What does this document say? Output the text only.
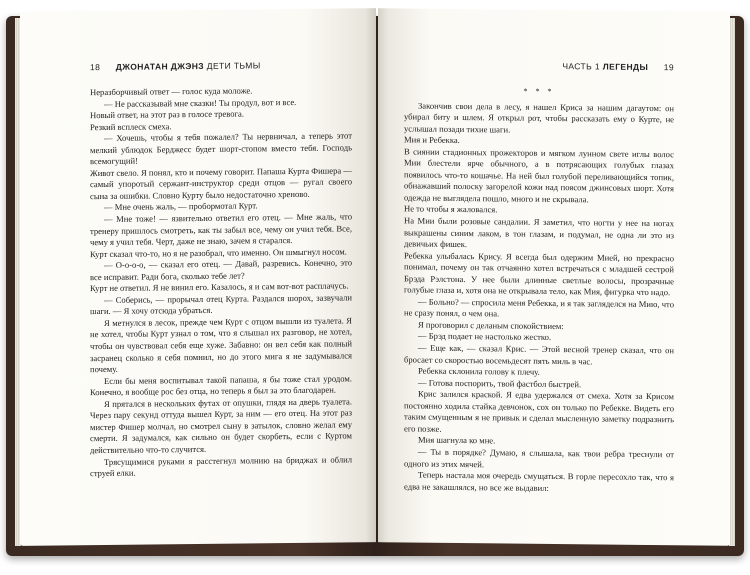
18 ДЖОНАТАН ДЖЭНЗ ДЕТИ ТЬМЫ

Неразборчивый ответ — голос куда моложе.

— Не рассказывай мне сказки! Ты продул, вот и все.

Новый ответ, на этот раз в голосе тревога.

Резкий всплеск смеха.

— Хочешь, чтобы я тебя пожалел? Ты нервничал, а теперь этот мелкий ублюдок Берджесс будет шорт-стопом вместо тебя. Господь всемогущий!

Живот свело. Я понял, кто и почему говорит. Папаша Курта Фишера — самый упоротый сержант-инструктор среди отцов — ругал своего сына за ошибки. Словно Курту было недостаточно хреново.

— Мне очень жаль, — пробормотал Курт.

— Мне тоже! — язвительно ответил его отец. — Мне жаль, что тренеру пришлось смотреть, как ты забыл все, чему он учил тебя. Все, чему я учил тебя. Черт, даже не знаю, зачем я старался.

Курт сказал что-то, но я не разобрал, что именно. Он шмыгнул носом.

— О-о-о-о, — сказал его отец. — Давай, разревись. Конечно, это все исправит. Ради бога, сколько тебе лет?

Курт не ответил. Я не винил его. Казалось, я и сам вот-вот расплачусь.

— Соберись, — прорычал отец Курта. Раздался шорох, зазвучали шаги. — Я хочу отсюда убраться.

Я метнулся в лесок, прежде чем Курт с отцом вышли из туалета. Я не хотел, чтобы Курт узнал о том, что я слышал их разговор, не хотел, чтобы он чувствовал себя еще хуже. Забавно: он вел себя как полный засранец сколько я себя помнил, но до этого мига я не задумывался почему.

Если бы меня воспитывал такой папаша, я бы тоже стал уродом. Конечно, я вообще рос без отца, но теперь я был за это благодарен.

Я прятался в нескольких футах от опушки, глядя на дверь туалета. Через пару секунд оттуда вышел Курт, за ним — его отец. На этот раз мистер Фишер молчал, но смотрел сыну в затылок, словно желал ему смерти. Я задумался, как сильно он будет скорбеть, если с Куртом действительно что-то случится.

Трясущимися руками я расстегнул молнию на бриджах и облил струей елки.

ЧАСТЬ 1 ЛЕГЕНДЫ 19
* * *

Закончив свои дела в лесу, я нашел Криса за нашим дагаутом: он убирал биту и шлем. Я открыл рот, чтобы рассказать ему о Курте, не услышал позади тихие шаги.

Мия и Ребекка.

В сиянии стадионных прожекторов и мягком лунном свете иглы волос Мии блестели ярче обычного, а в потрясающих голубых глазах появилось что-то кошачье. На ней был голубой переливающийся топик, обнажавший полоску загорелой кожи над поясом джинсовых шорт. Хотя одежда не выглядела пошло, много и не скрывала.

Не то чтобы я жаловался.

На Мии были розовые сандалии. Я заметил, что ногти у нее на ногах выкрашены синим лаком, в тон глазам, и подумал, не одна ли это из девичьих фишек.

Ребекка улыбалась Крису. Я всегда был одержим Мией, но прекрасно понимал, почему он так отчаянно хотел встречаться с младшей сестрой Брэда Рэлстона. У нее были длинные светлые волосы, прозрачные голубые глаза и, хотя она не открывала тело, как Мия, фигурка что надо.

— Больно? — спросила меня Ребекка, и я так загляделся на Мию, что не сразу понял, о чем она.

Я проговорил с деланым спокойствием:

— Брэд подает не настолько жестко.

— Еще как, — сказал Крис. — Этой весной тренер сказал, что он бросает со скоростью восемьдесят пять миль в час.

Ребекка склонила голову к плечу.

— Готова поспорить, твой фастбол быстрей.

Крис залился краской. Я едва удержался от смеха. Хотя за Крисом постоянно ходила стайка девчонок, сох он только по Ребекке. Видеть его таким смущенным я не привык и сделал мысленную заметку подразнить его позже.

Мия шагнула ко мне.

— Ты в порядке? Думаю, я слышала, как твои ребра треснули от одного из этих мячей.

Теперь настала моя очередь смущаться. В горле пересохло так, что я едва не закашлялся, но все же выдавил:
